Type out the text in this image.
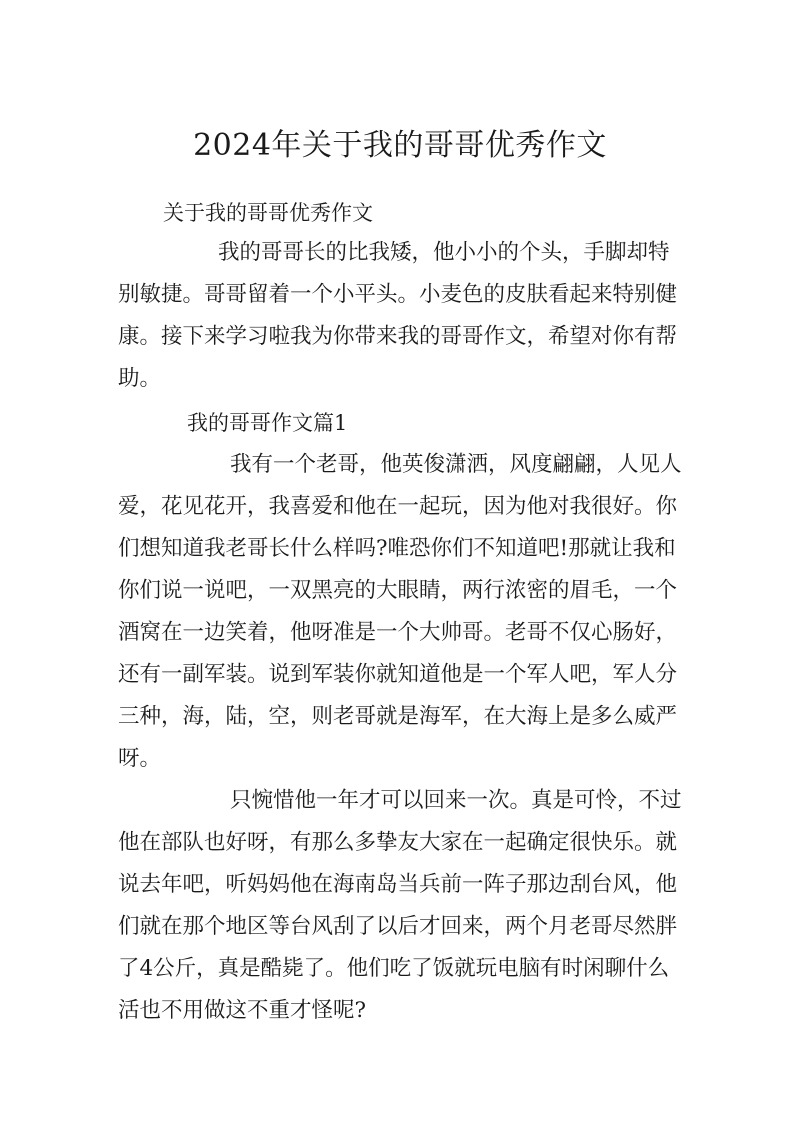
2024年关于我的哥哥优秀作文
关于我的哥哥优秀作文
我的哥哥长的比我矮，他小小的个头，手脚却特
别敏捷。哥哥留着一个小平头。小麦色的皮肤看起来特别健
康。接下来学习啦我为你带来我的哥哥作文，希望对你有帮
助。
我的哥哥作文篇1
我有一个老哥，他英俊潇洒，风度翩翩，人见人
爱，花见花开，我喜爱和他在一起玩，因为他对我很好。你
们想知道我老哥长什么样吗?唯恐你们不知道吧!那就让我和
你们说一说吧，一双黑亮的大眼睛，两行浓密的眉毛，一个
酒窝在一边笑着，他呀准是一个大帅哥。老哥不仅心肠好，
还有一副军装。说到军装你就知道他是一个军人吧，军人分
三种，海，陆，空，则老哥就是海军，在大海上是多么威严
呀。
只惋惜他一年才可以回来一次。真是可怜，不过
他在部队也好呀，有那么多挚友大家在一起确定很快乐。就
说去年吧，听妈妈他在海南岛当兵前一阵子那边刮台风，他
们就在那个地区等台风刮了以后才回来，两个月老哥尽然胖
了4公斤，真是酷毙了。他们吃了饭就玩电脑有时闲聊什么
活也不用做这不重才怪呢?
